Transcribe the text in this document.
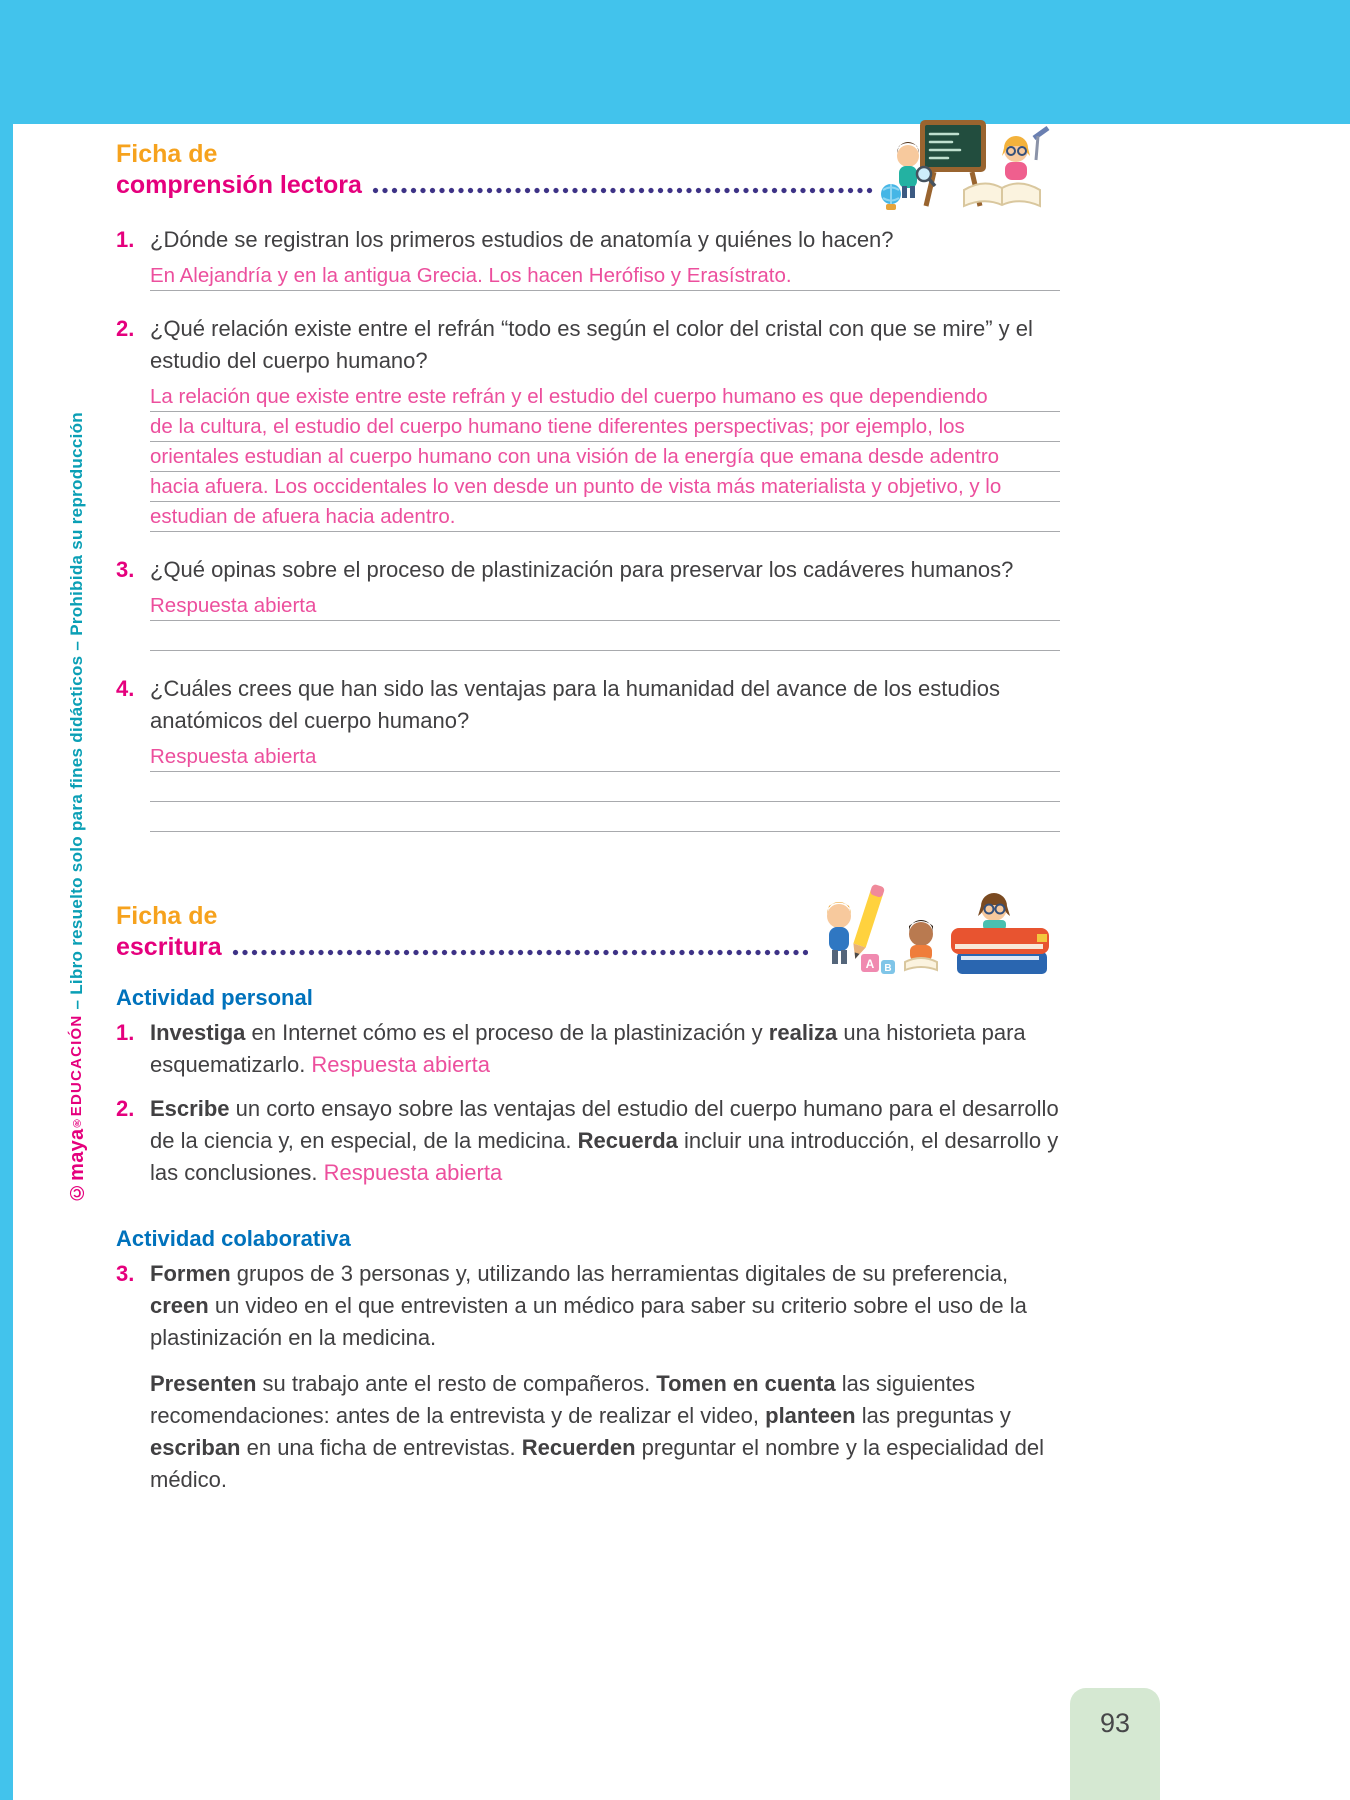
©maya®EDUCACIÓN – Libro resuelto solo para fines didácticos – Prohibida su reproducción
Ficha de
comprensión lectora
1. ¿Dónde se registran los primeros estudios de anatomía y quiénes lo hacen?

En Alejandría y en la antigua Grecia. Los hacen Herófiso y Erasístrato.
2. ¿Qué relación existe entre el refrán “todo es según el color del cristal con que se mire” y el estudio del cuerpo humano?

La relación que existe entre este refrán y el estudio del cuerpo humano es que dependiendo
de la cultura, el estudio del cuerpo humano tiene diferentes perspectivas; por ejemplo, los
orientales estudian al cuerpo humano con una visión de la energía que emana desde adentro
hacia afuera. Los occidentales lo ven desde un punto de vista más materialista y objetivo, y lo
estudian de afuera hacia adentro.
3. ¿Qué opinas sobre el proceso de plastinización para preservar los cadáveres humanos?

Respuesta abierta
4. ¿Cuáles crees que han sido las ventajas para la humanidad del avance de los estudios anatómicos del cuerpo humano?

Respuesta abierta
Ficha de
escritura
A B
Actividad personal
1. Investiga en Internet cómo es el proceso de la plastinización y realiza una historieta para esquematizarlo. Respuesta abierta

2. Escribe un corto ensayo sobre las ventajas del estudio del cuerpo humano para el desarrollo de la ciencia y, en especial, de la medicina. Recuerda incluir una introducción, el desarrollo y las conclusiones. Respuesta abierta

Actividad colaborativa
3. Formen grupos de 3 personas y, utilizando las herramientas digitales de su preferencia, creen un video en el que entrevisten a un médico para saber su criterio sobre el uso de la plastinización en la medicina.

Presenten su trabajo ante el resto de compañeros. Tomen en cuenta las siguientes recomendaciones: antes de la entrevista y de realizar el video, planteen las preguntas y escriban en una ficha de entrevistas. Recuerden preguntar el nombre y la especialidad del médico.

93
